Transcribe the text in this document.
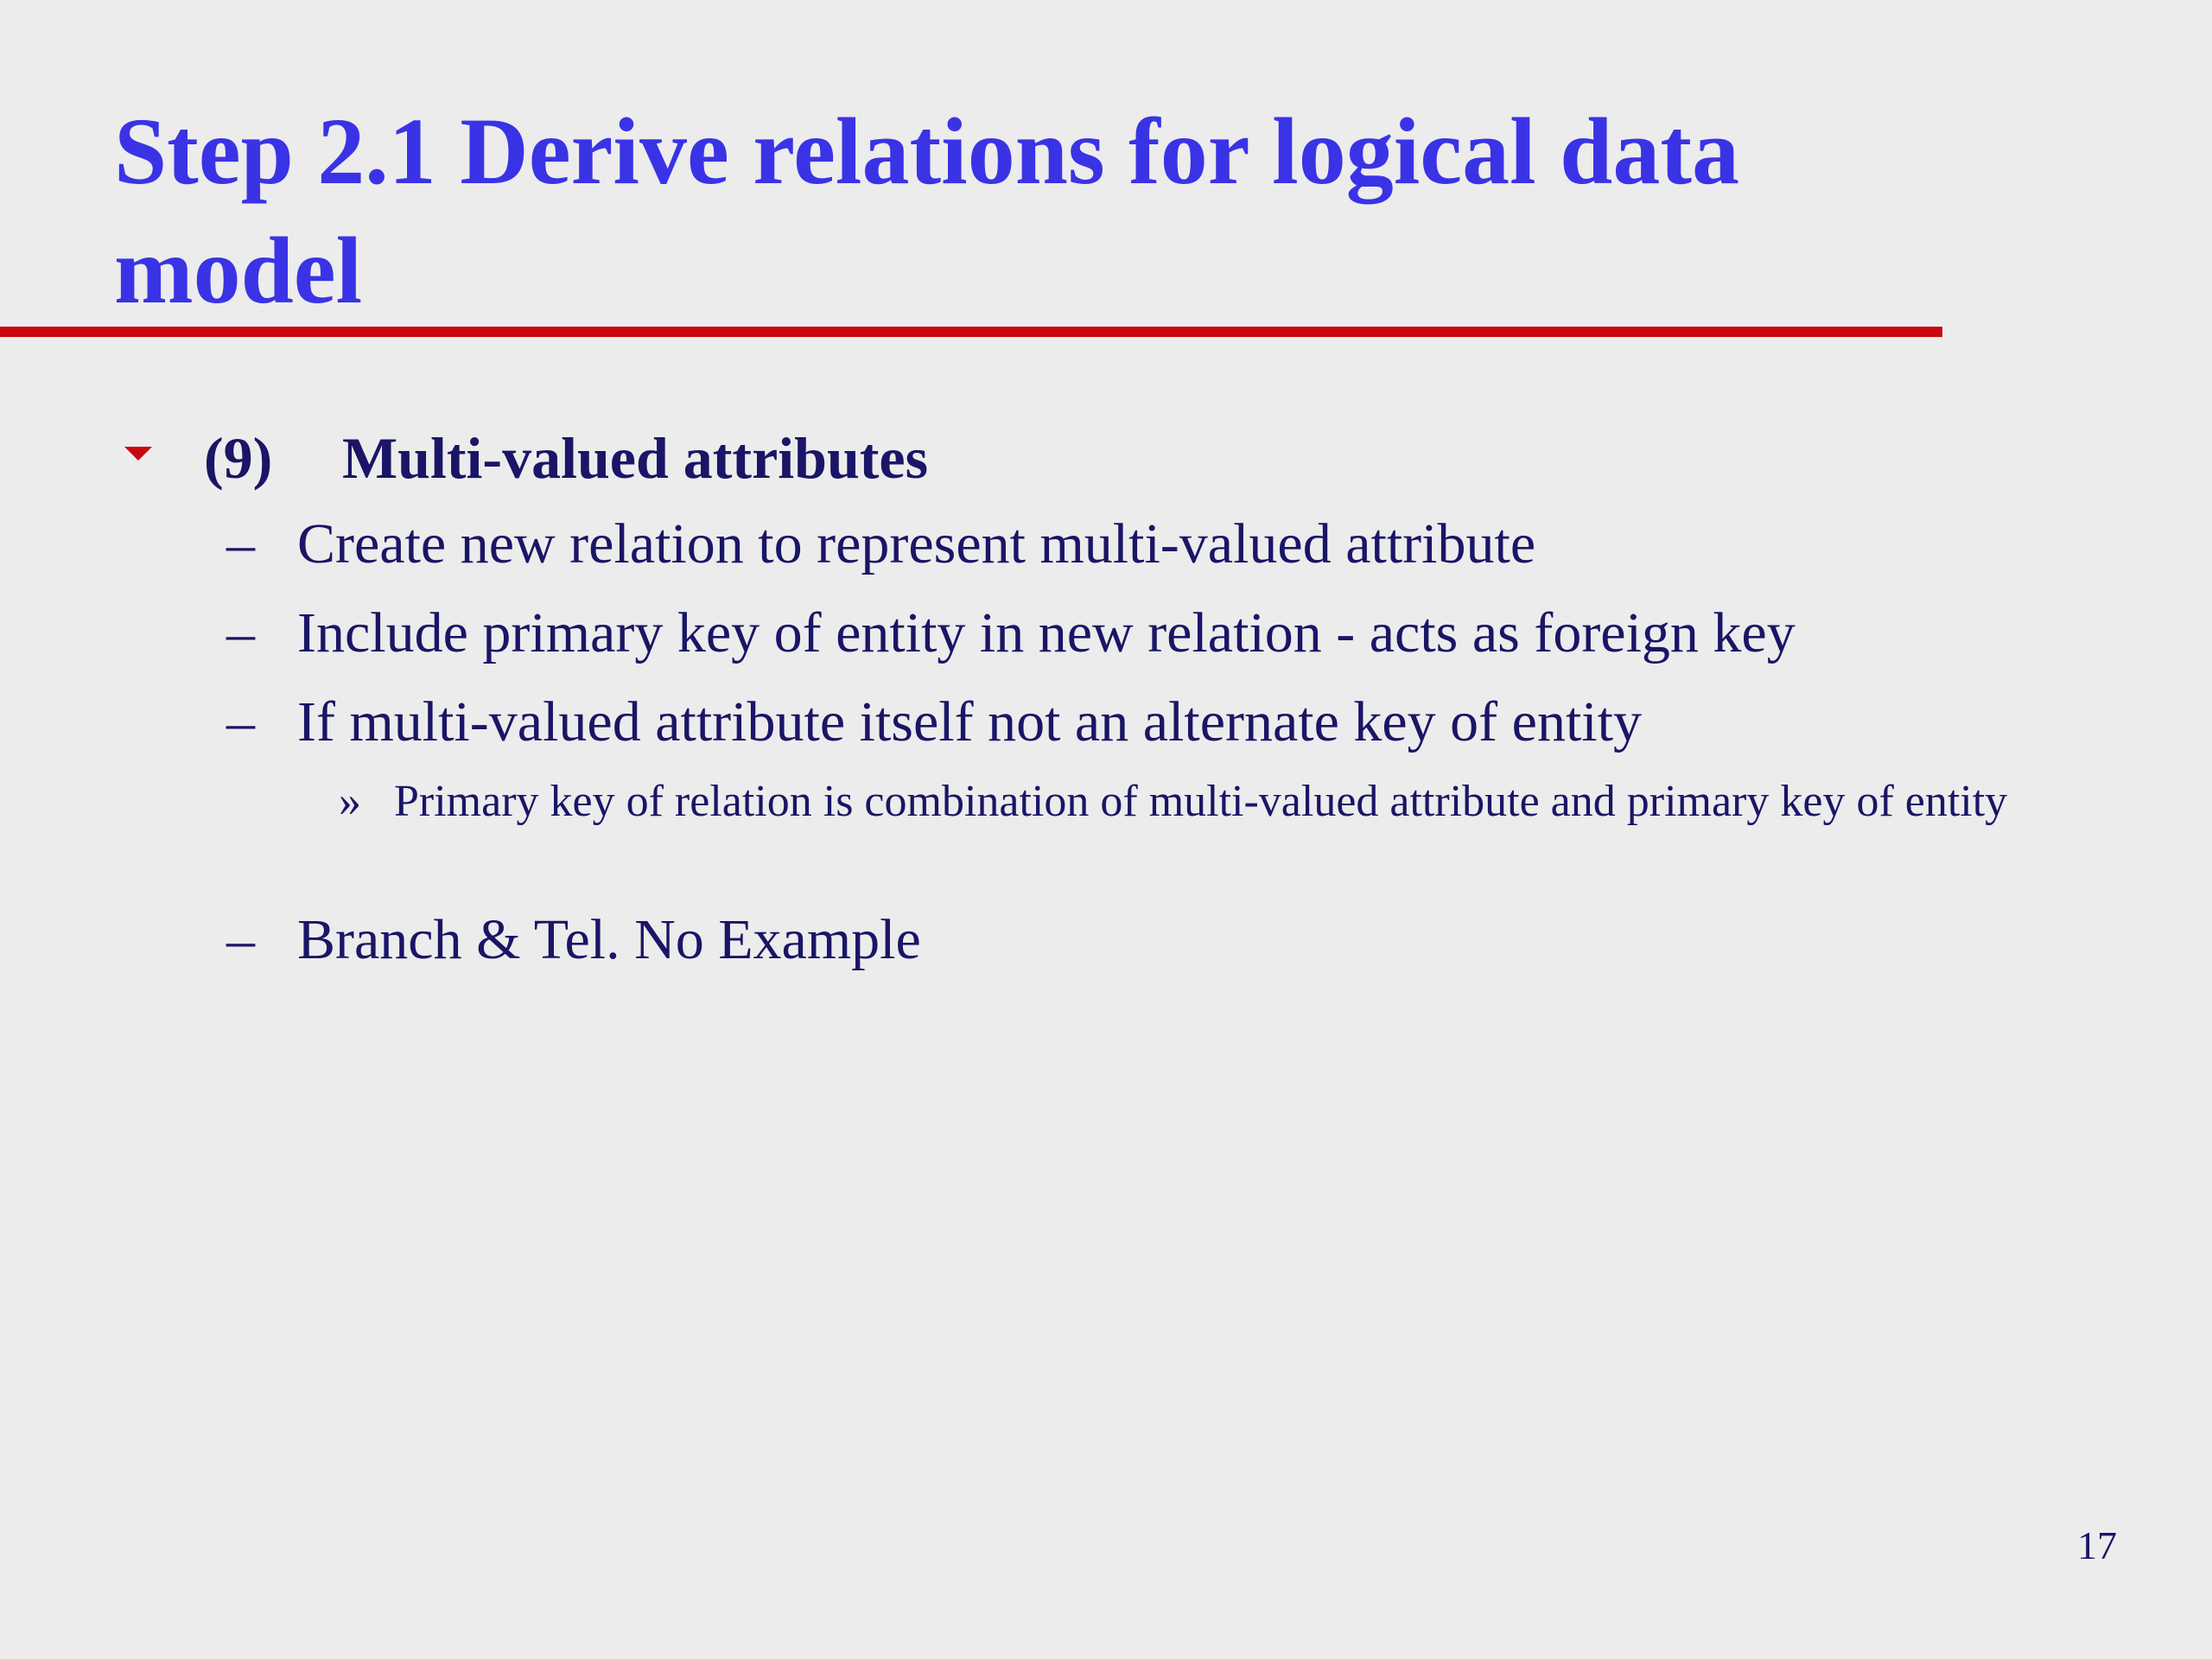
Step 2.1 Derive relations for logical data model
(9)	Multi-valued attributes
– Create new relation to represent multi-valued attribute
– Include primary key of entity in new relation - acts as foreign key
– If multi-valued attribute itself not an alternate key of entity
» Primary key of relation is combination of multi-valued attribute and primary key of entity
– Branch & Tel. No Example
17
